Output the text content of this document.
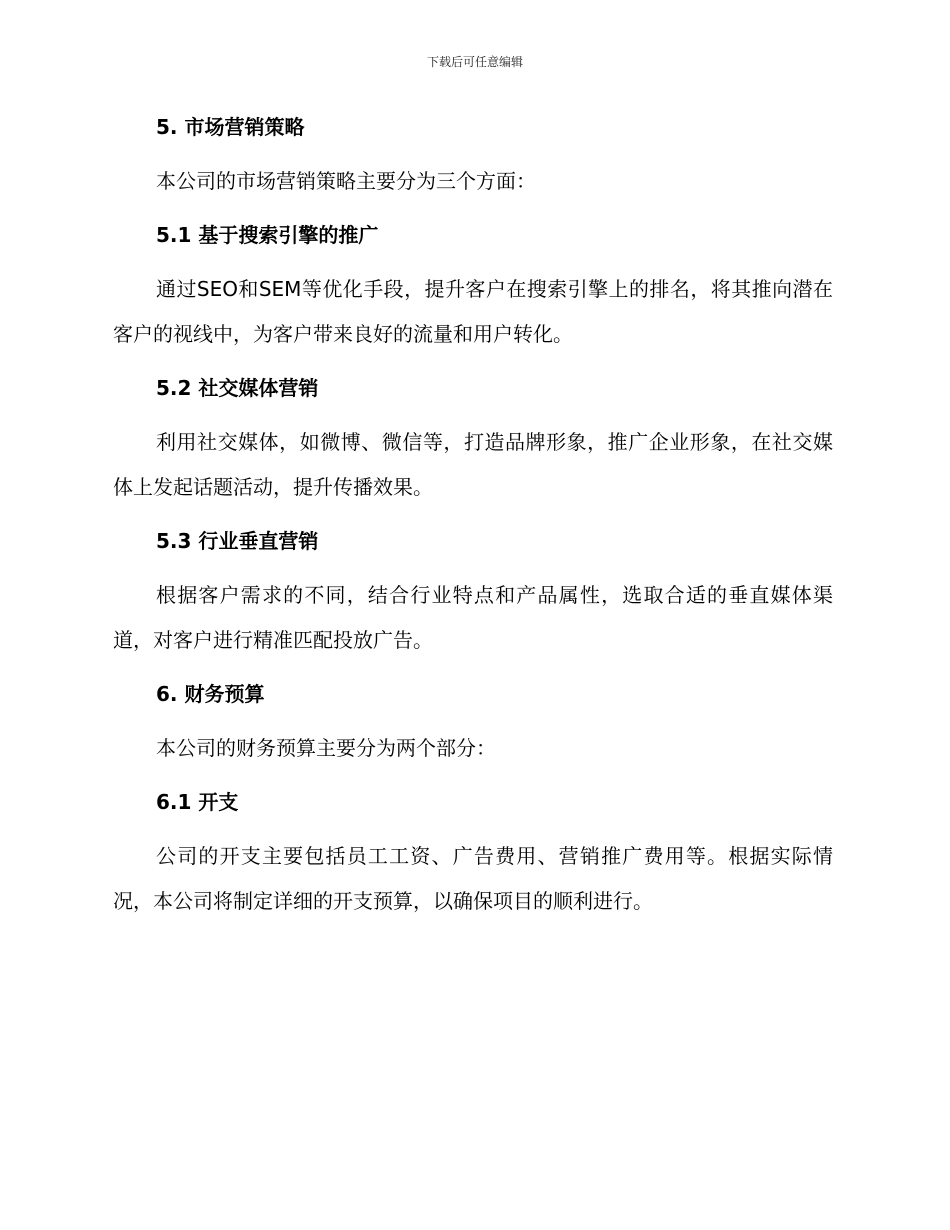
下载后可任意编辑
5. 市场营销策略

本公司的市场营销策略主要分为三个方面：

5.1 基于搜索引擎的推广

通过SEO和SEM等优化手段，提升客户在搜索引擎上的排名，将其推向潜在客户的视线中，为客户带来良好的流量和用户转化。

5.2 社交媒体营销

利用社交媒体，如微博、微信等，打造品牌形象，推广企业形象，在社交媒体上发起话题活动，提升传播效果。

5.3 行业垂直营销

根据客户需求的不同，结合行业特点和产品属性，选取合适的垂直媒体渠道，对客户进行精准匹配投放广告。

6. 财务预算

本公司的财务预算主要分为两个部分：

6.1 开支

公司的开支主要包括员工工资、广告费用、营销推广费用等。根据实际情况，本公司将制定详细的开支预算，以确保项目的顺利进行。
